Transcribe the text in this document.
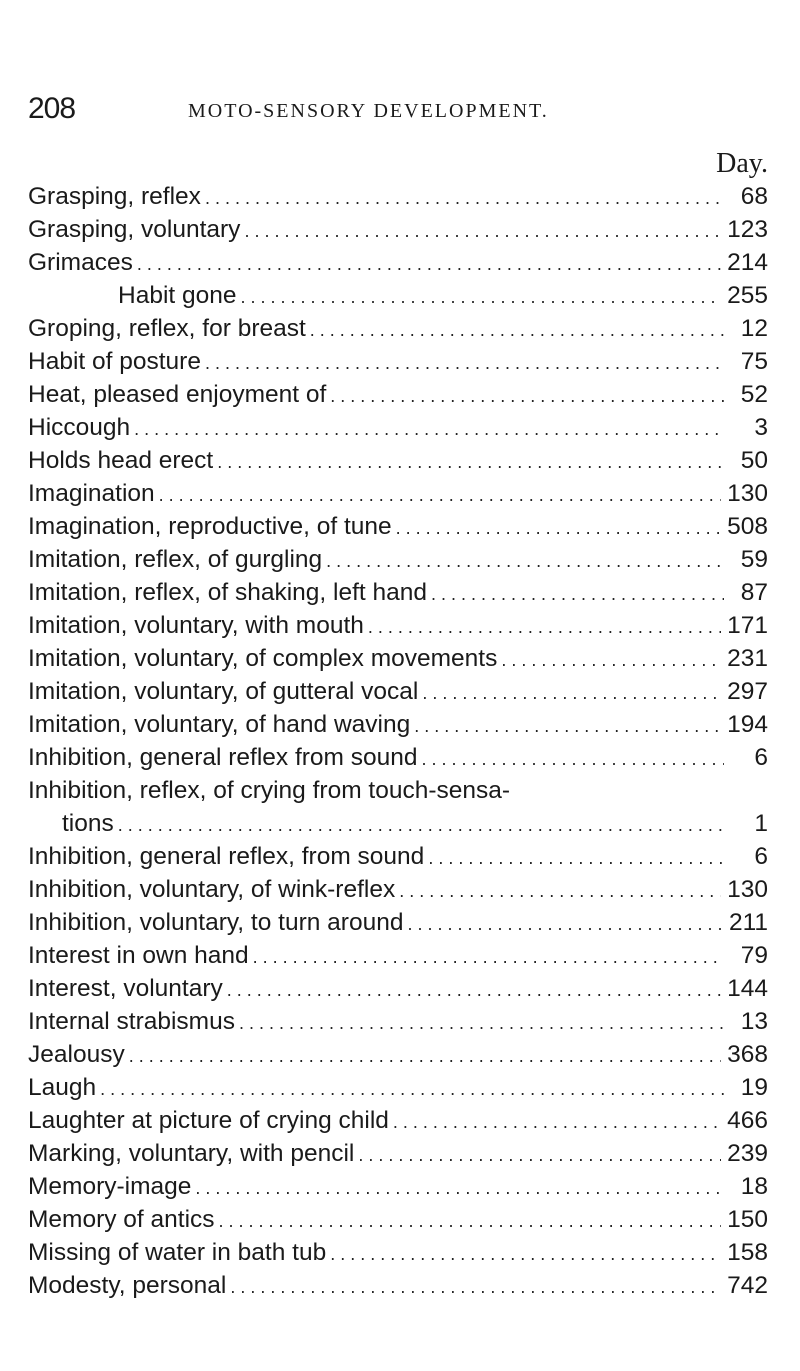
208	MOTO-SENSORY DEVELOPMENT.
Day.
Grasping, reflex .....	68
Grasping, voluntary .....	123
Grimaces .....	214
Habit gone .....	255
Groping, reflex, for breast .....	12
Habit of posture .....	75
Heat, pleased enjoyment of .....	52
Hiccough .....	3
Holds head erect .....	50
Imagination .....	130
Imagination, reproductive, of tune .....	508
Imitation, reflex, of gurgling .....	59
Imitation, reflex, of shaking, left hand .....	87
Imitation, voluntary, with mouth .....	171
Imitation, voluntary, of complex movements .....	231
Imitation, voluntary, of gutteral vocal .....	297
Imitation, voluntary, of hand waving .....	194
Inhibition, general reflex from sound .....	6
Inhibition, reflex, of crying from touch-sensa-
tions .....	1
Inhibition, general reflex, from sound .....	6
Inhibition, voluntary, of wink-reflex .....	130
Inhibition, voluntary, to turn around .....	211
Interest in own hand .....	79
Interest, voluntary .....	144
Internal strabismus .....	13
Jealousy .....	368
Laugh .....	19
Laughter at picture of crying child .....	466
Marking, voluntary, with pencil .....	239
Memory-image .....	18
Memory of antics .....	150
Missing of water in bath tub .....	158
Modesty, personal .....	742
